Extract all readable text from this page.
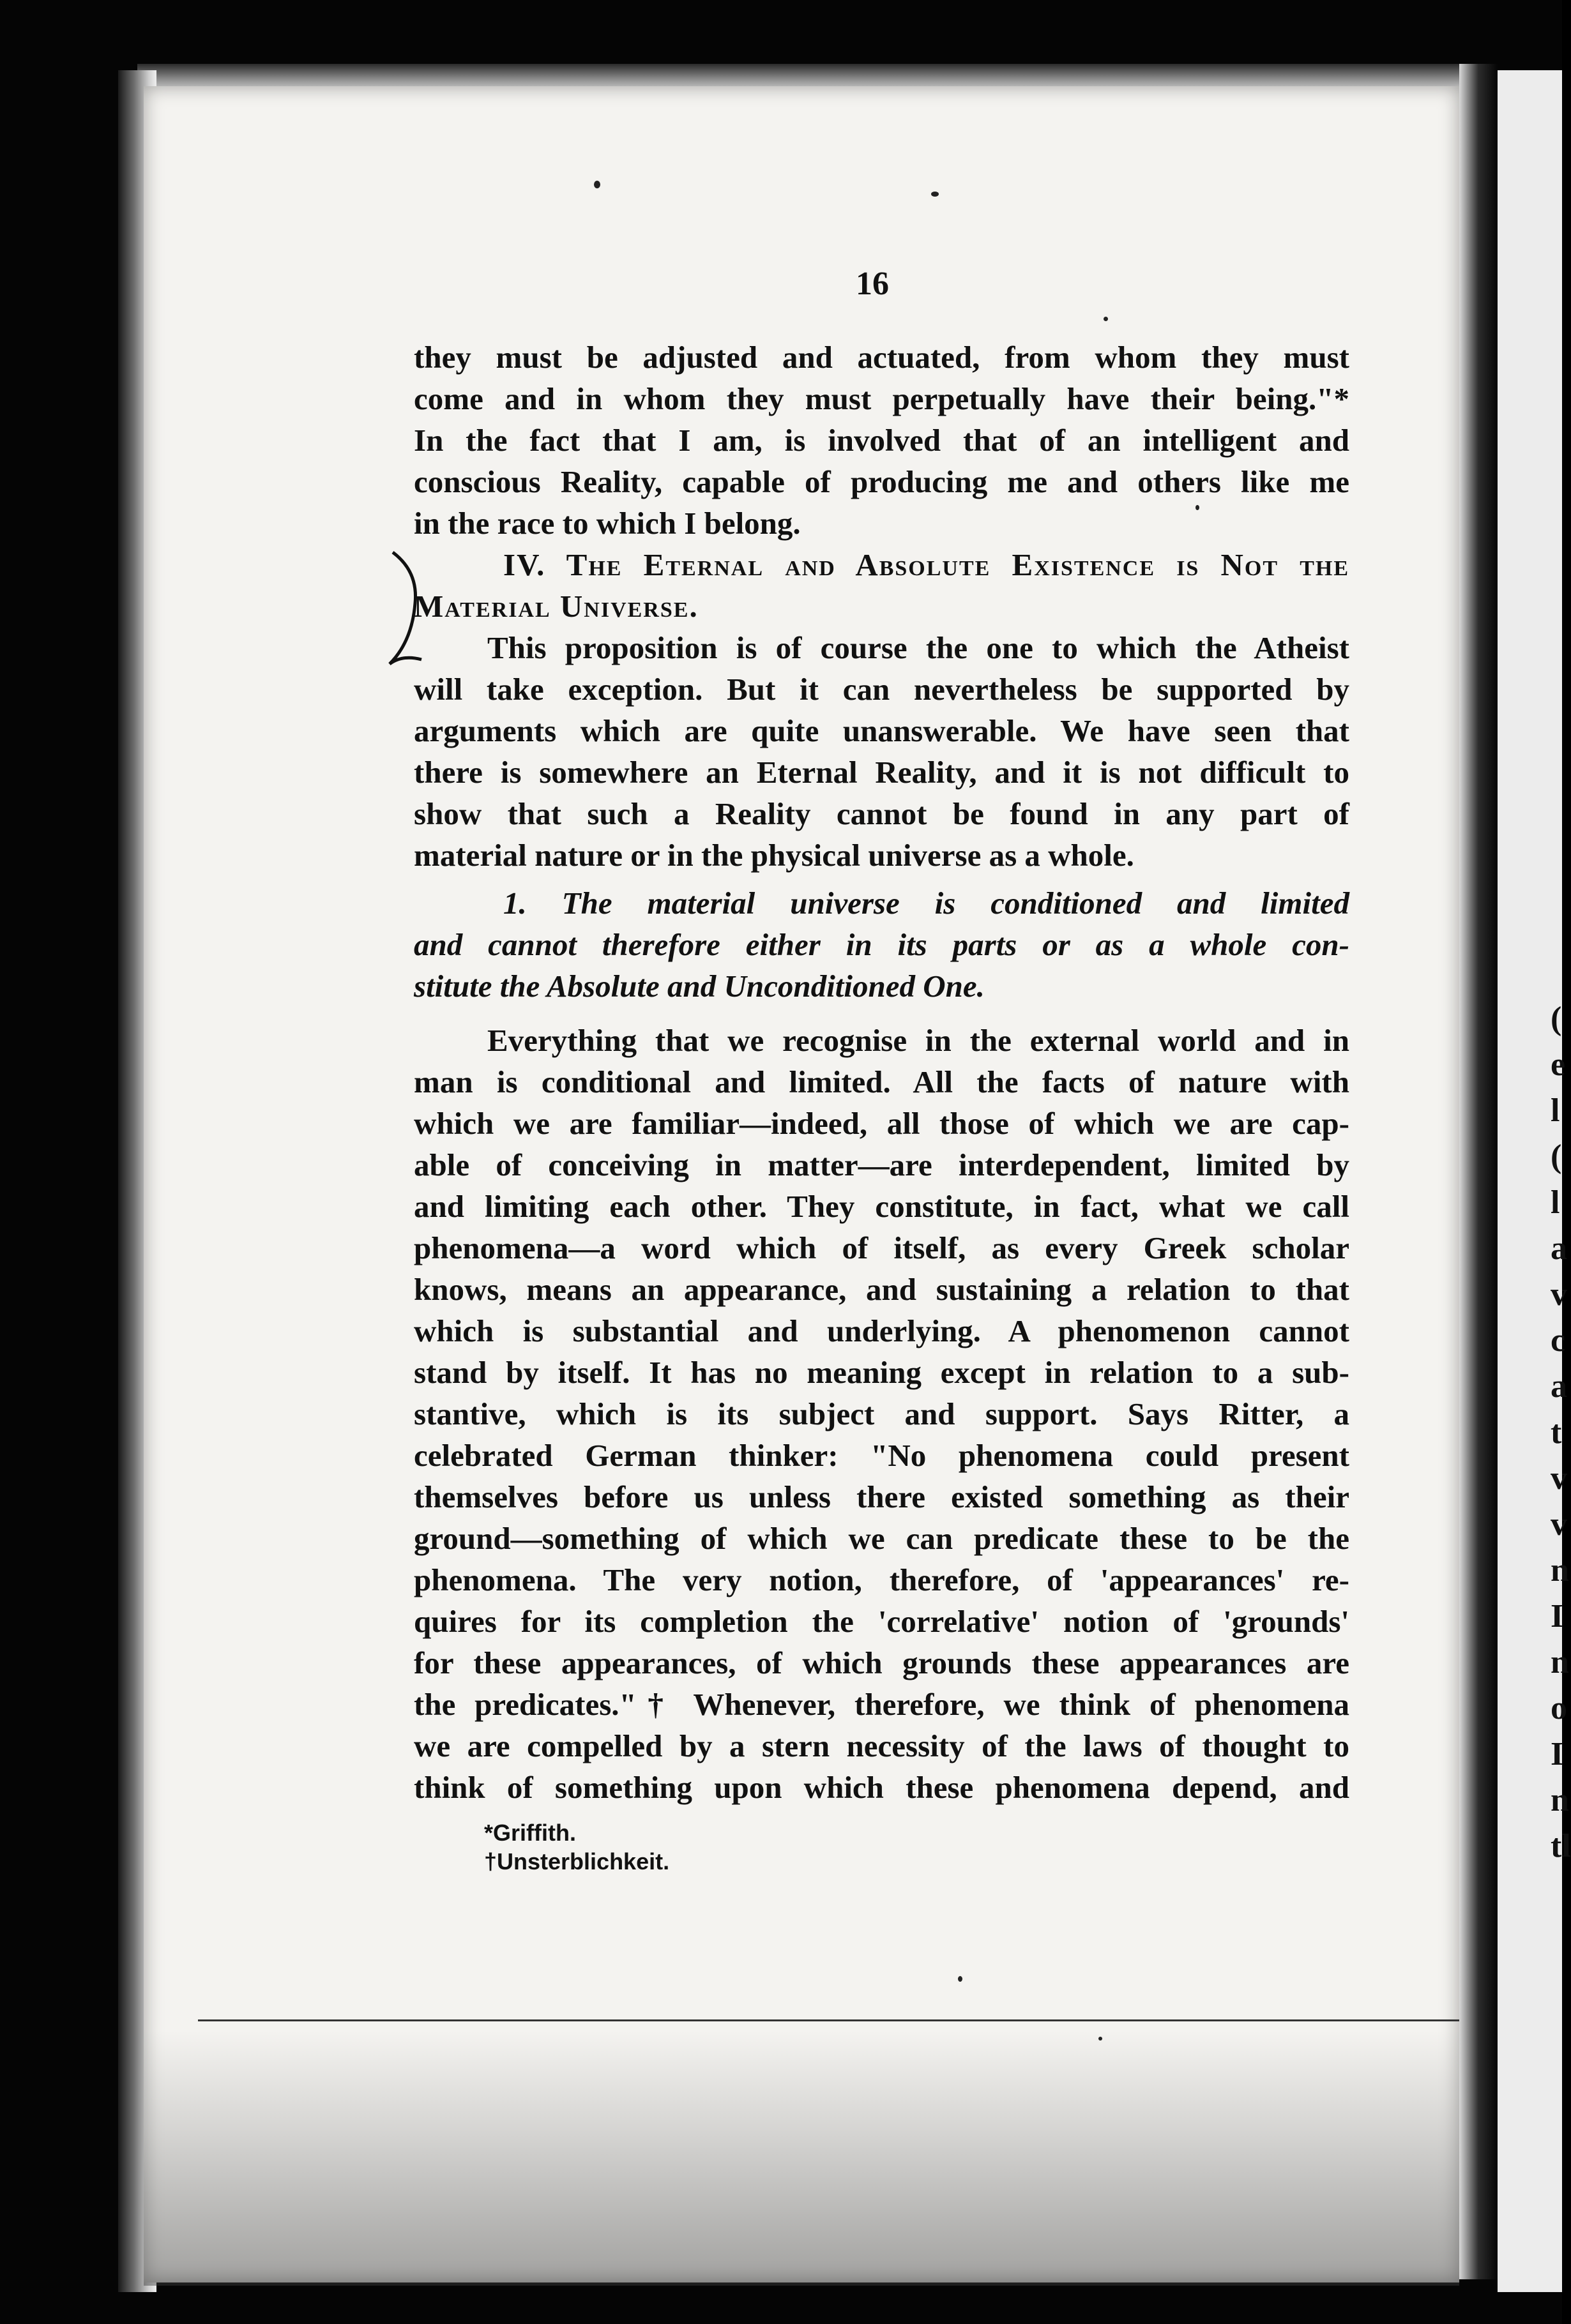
(
e
l
(
l
a
v
c
a
t
v
v
n
I
n
o
I
n
tl
16
they must be adjusted and actuated, from whom they must
come and in whom they must perpetually have their being."*
In the fact that I am, is involved that of an intelligent and
conscious Reality, capable of producing me and others like me
in the race to which I belong.
IV. The Eternal and Absolute Existence is Not the
Material Universe.
This proposition is of course the one to which the Atheist
will take exception. But it can nevertheless be supported by
arguments which are quite unanswerable. We have seen that
there is somewhere an Eternal Reality, and it is not difficult to
show that such a Reality cannot be found in any part of
material nature or in the physical universe as a whole.
1. The material universe is conditioned and limited
and cannot therefore either in its parts or as a whole con-
stitute the Absolute and Unconditioned One.
Everything that we recognise in the external world and in
man is conditional and limited. All the facts of nature with
which we are familiar—indeed, all those of which we are cap-
able of conceiving in matter—are interdependent, limited by
and limiting each other. They constitute, in fact, what we call
phenomena—a word which of itself, as every Greek scholar
knows, means an appearance, and sustaining a relation to that
which is substantial and underlying. A phenomenon cannot
stand by itself. It has no meaning except in relation to a sub-
stantive, which is its subject and support. Says Ritter, a
celebrated German thinker: "No phenomena could present
themselves before us unless there existed something as their
ground—something of which we can predicate these to be the
phenomena. The very notion, therefore, of 'appearances' re-
quires for its completion the 'correlative' notion of 'grounds'
for these appearances, of which grounds these appearances are
the predicates."† Whenever, therefore, we think of phenomena
we are compelled by a stern necessity of the laws of thought to
think of something upon which these phenomena depend, and
*Griffith.
†Unsterblichkeit.
